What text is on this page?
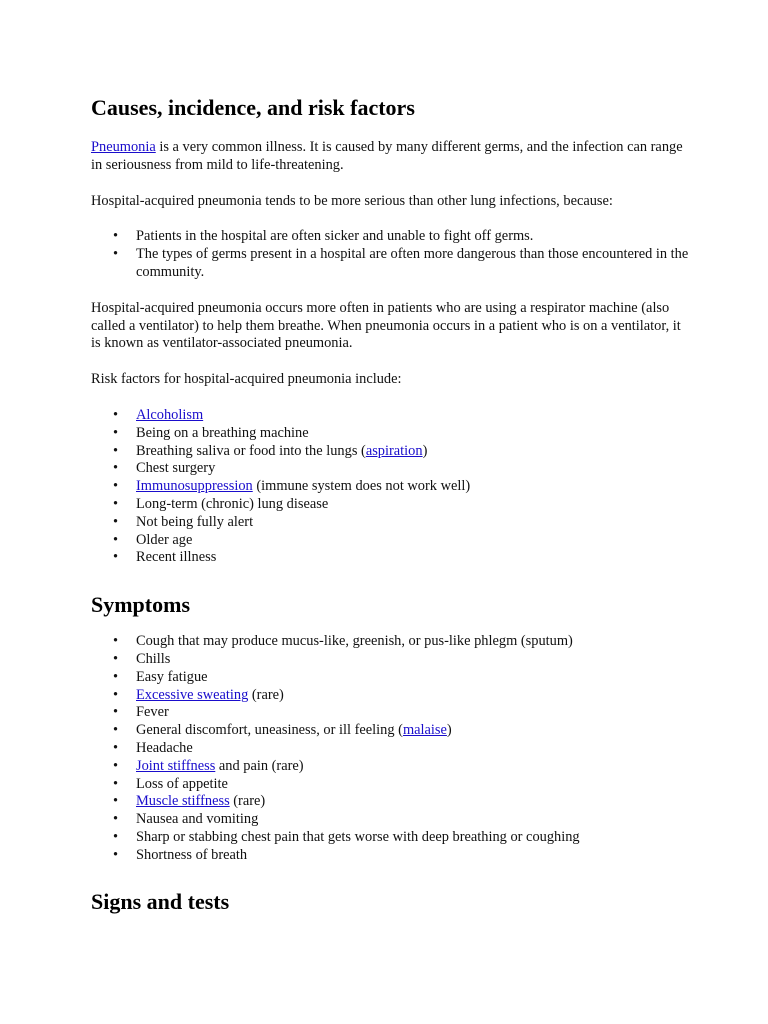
Causes, incidence, and risk factors

Pneumonia is a very common illness. It is caused by many different germs, and the infection can range in seriousness from mild to life-threatening.

Hospital-acquired pneumonia tends to be more serious than other lung infections, because:

• Patients in the hospital are often sicker and unable to fight off germs.
• The types of germs present in a hospital are often more dangerous than those encountered in the community.

Hospital-acquired pneumonia occurs more often in patients who are using a respirator machine (also called a ventilator) to help them breathe. When pneumonia occurs in a patient who is on a ventilator, it is known as ventilator-associated pneumonia.

Risk factors for hospital-acquired pneumonia include:

• Alcoholism
• Being on a breathing machine
• Breathing saliva or food into the lungs (aspiration)
• Chest surgery
• Immunosuppression (immune system does not work well)
• Long-term (chronic) lung disease
• Not being fully alert
• Older age
• Recent illness
Symptoms
• Cough that may produce mucus-like, greenish, or pus-like phlegm (sputum)
• Chills
• Easy fatigue
• Excessive sweating (rare)
• Fever
• General discomfort, uneasiness, or ill feeling (malaise)
• Headache
• Joint stiffness and pain (rare)
• Loss of appetite
• Muscle stiffness (rare)
• Nausea and vomiting
• Sharp or stabbing chest pain that gets worse with deep breathing or coughing
• Shortness of breath
Signs and tests
